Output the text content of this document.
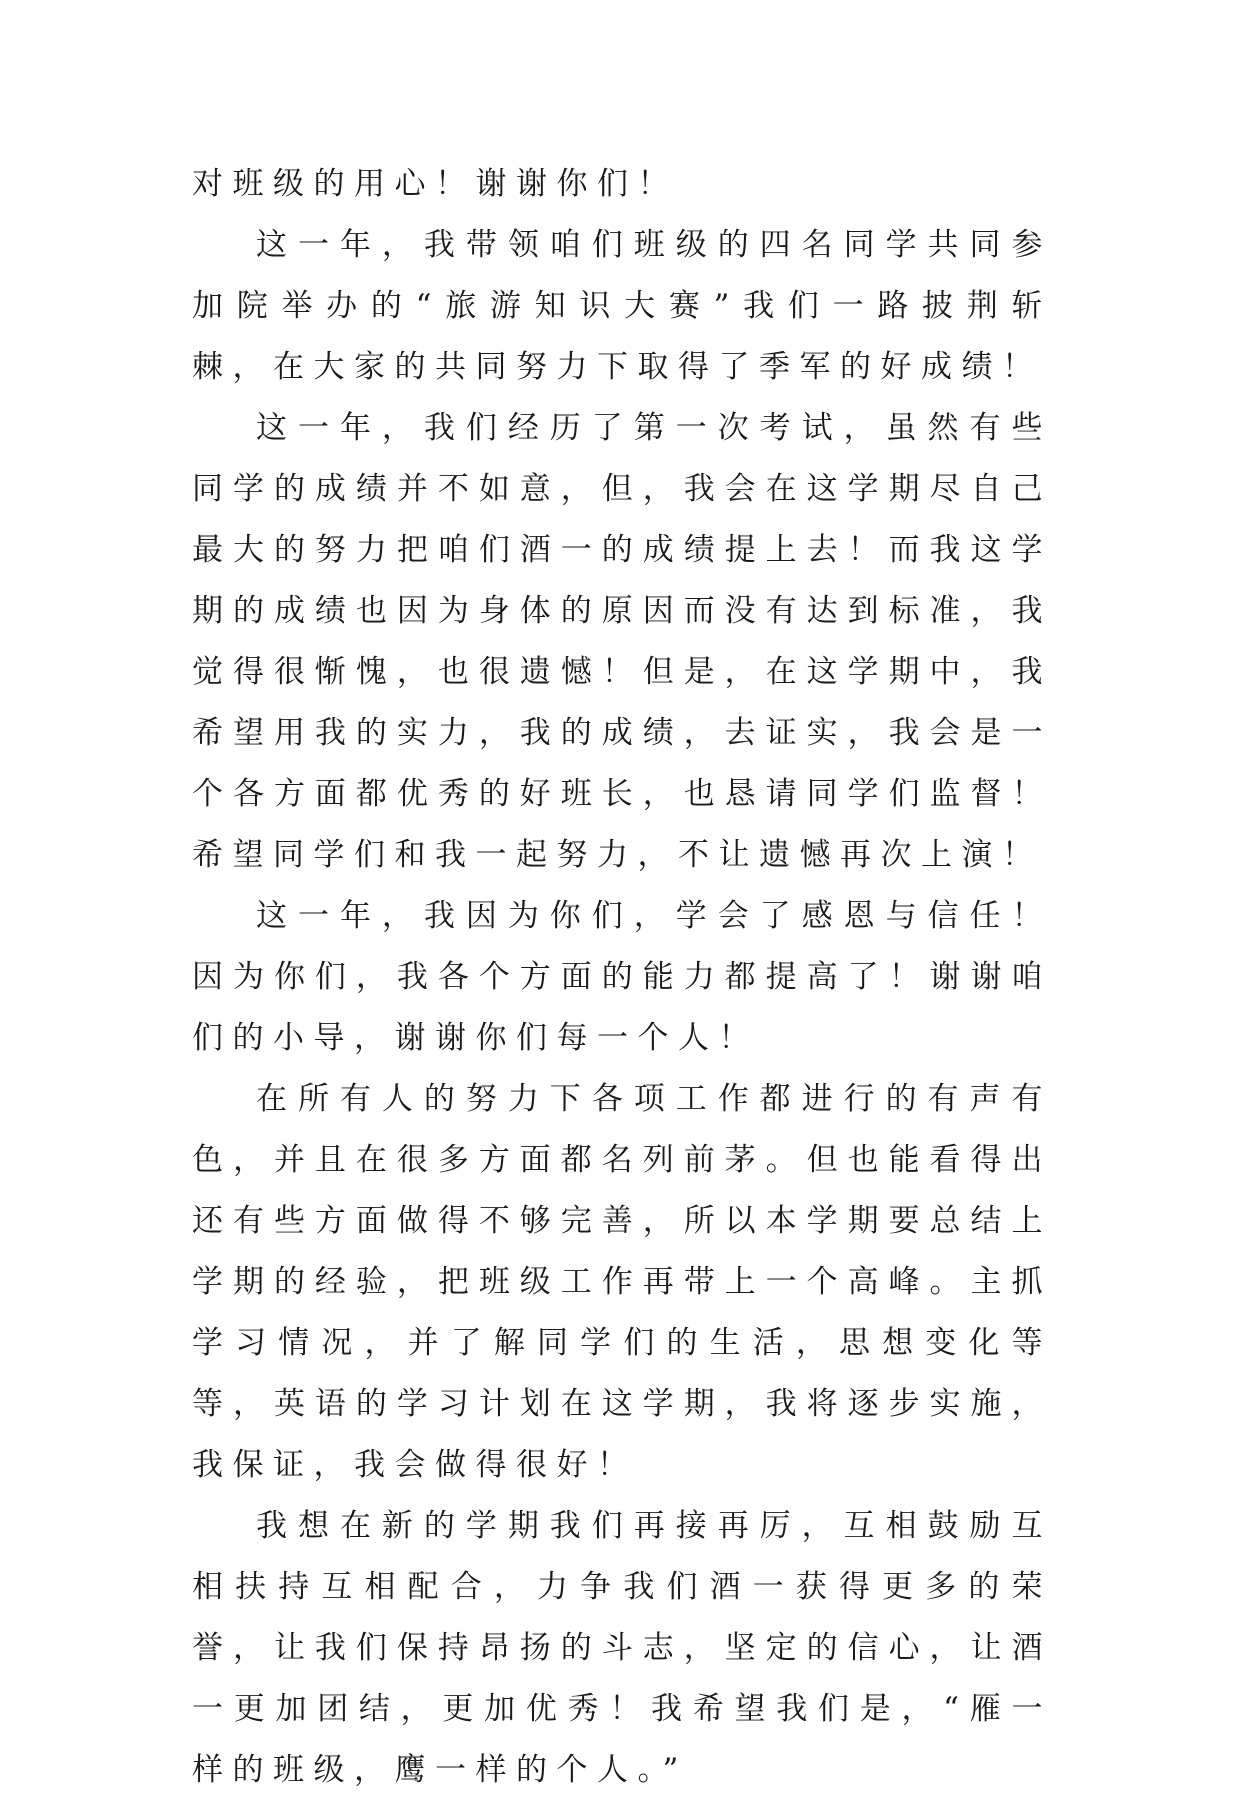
对班级的用心！谢谢你们！

这一年，我带领咱们班级的四名同学共同参加院举办的“旅游知识大赛”我们一路披荆斩棘，在大家的共同努力下取得了季军的好成绩！

这一年，我们经历了第一次考试，虽然有些同学的成绩并不如意，但，我会在这学期尽自己最大的努力把咱们酒一的成绩提上去！而我这学期的成绩也因为身体的原因而没有达到标准，我觉得很惭愧，也很遗憾！但是，在这学期中，我希望用我的实力，我的成绩，去证实，我会是一个各方面都优秀的好班长，也恳请同学们监督！希望同学们和我一起努力，不让遗憾再次上演！

这一年，我因为你们，学会了感恩与信任！因为你们，我各个方面的能力都提高了！谢谢咱们的小导，谢谢你们每一个人！

在所有人的努力下各项工作都进行的有声有色，并且在很多方面都名列前茅。但也能看得出还有些方面做得不够完善，所以本学期要总结上学期的经验，把班级工作再带上一个高峰。主抓学习情况，并了解同学们的生活，思想变化等等，英语的学习计划在这学期，我将逐步实施，我保证，我会做得很好！

我想在新的学期我们再接再厉，互相鼓励互相扶持互相配合，力争我们酒一获得更多的荣誉，让我们保持昂扬的斗志，坚定的信心，让酒一更加团结，更加优秀！我希望我们是，“雁一样的班级，鹰一样的个人。”
